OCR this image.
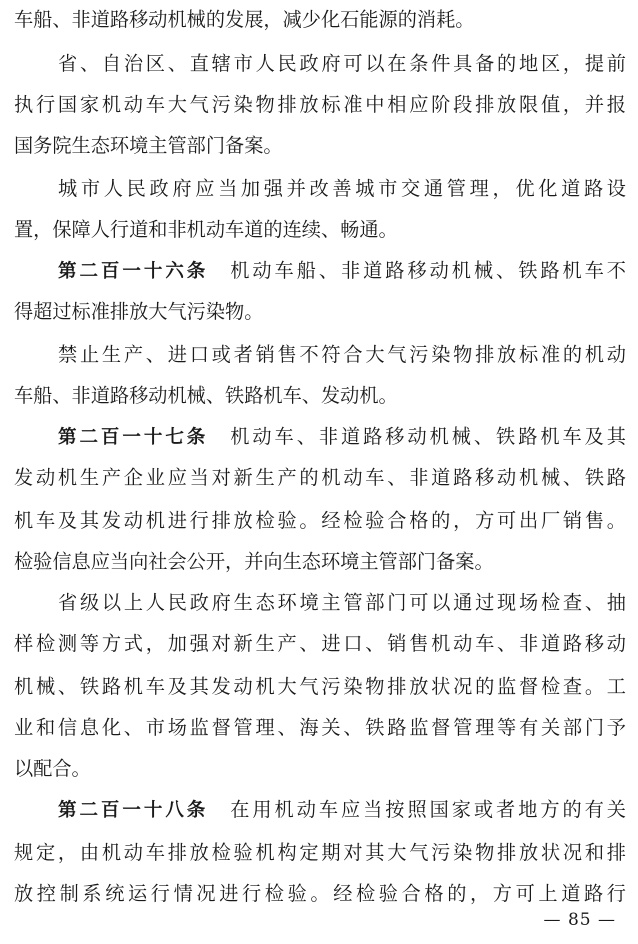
车船、非道路移动机械的发展，减少化石能源的消耗。
省、自治区、直辖市人民政府可以在条件具备的地区，提前
执行国家机动车大气污染物排放标准中相应阶段排放限值，并报
国务院生态环境主管部门备案。
城市人民政府应当加强并改善城市交通管理，优化道路设
置，保障人行道和非机动车道的连续、畅通。
第二百一十六条 机动车船、非道路移动机械、铁路机车不
得超过标准排放大气污染物。
禁止生产、进口或者销售不符合大气污染物排放标准的机动
车船、非道路移动机械、铁路机车、发动机。
第二百一十七条 机动车、非道路移动机械、铁路机车及其
发动机生产企业应当对新生产的机动车、非道路移动机械、铁路
机车及其发动机进行排放检验。经检验合格的，方可出厂销售。
检验信息应当向社会公开，并向生态环境主管部门备案。
省级以上人民政府生态环境主管部门可以通过现场检查、抽
样检测等方式，加强对新生产、进口、销售机动车、非道路移动
机械、铁路机车及其发动机大气污染物排放状况的监督检查。工
业和信息化、市场监督管理、海关、铁路监督管理等有关部门予
以配合。
第二百一十八条 在用机动车应当按照国家或者地方的有关
规定，由机动车排放检验机构定期对其大气污染物排放状况和排
放控制系统运行情况进行检验。经检验合格的，方可上道路行
— 85 —
